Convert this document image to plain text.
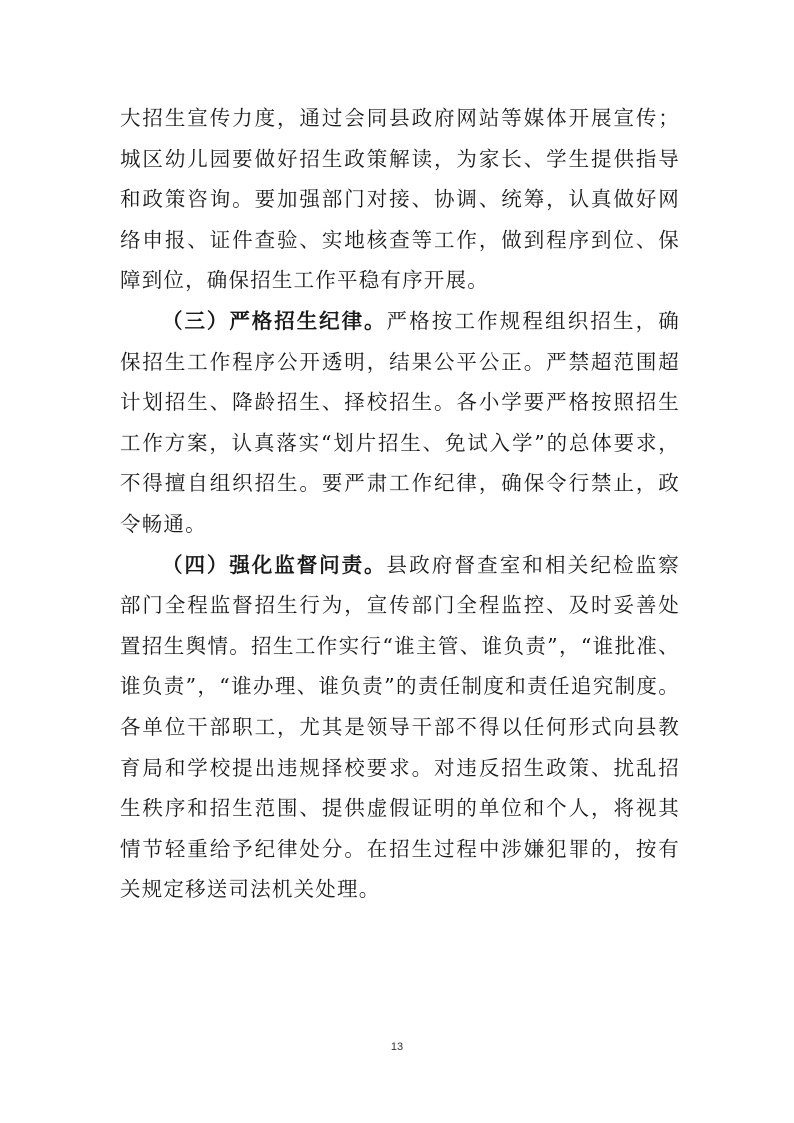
大招生宣传力度，通过会同县政府网站等媒体开展宣传；城区幼儿园要做好招生政策解读，为家长、学生提供指导和政策咨询。要加强部门对接、协调、统筹，认真做好网络申报、证件查验、实地核查等工作，做到程序到位、保障到位，确保招生工作平稳有序开展。

（三）严格招生纪律。严格按工作规程组织招生，确保招生工作程序公开透明，结果公平公正。严禁超范围超计划招生、降龄招生、择校招生。各小学要严格按照招生工作方案，认真落实“划片招生、免试入学”的总体要求，不得擅自组织招生。要严肃工作纪律，确保令行禁止，政令畅通。

（四）强化监督问责。县政府督查室和相关纪检监察部门全程监督招生行为，宣传部门全程监控、及时妥善处置招生舆情。招生工作实行“谁主管、谁负责”，“谁批准、谁负责”，“谁办理、谁负责”的责任制度和责任追究制度。各单位干部职工，尤其是领导干部不得以任何形式向县教育局和学校提出违规择校要求。对违反招生政策、扰乱招生秩序和招生范围、提供虚假证明的单位和个人，将视其情节轻重给予纪律处分。在招生过程中涉嫌犯罪的，按有关规定移送司法机关处理。

13
